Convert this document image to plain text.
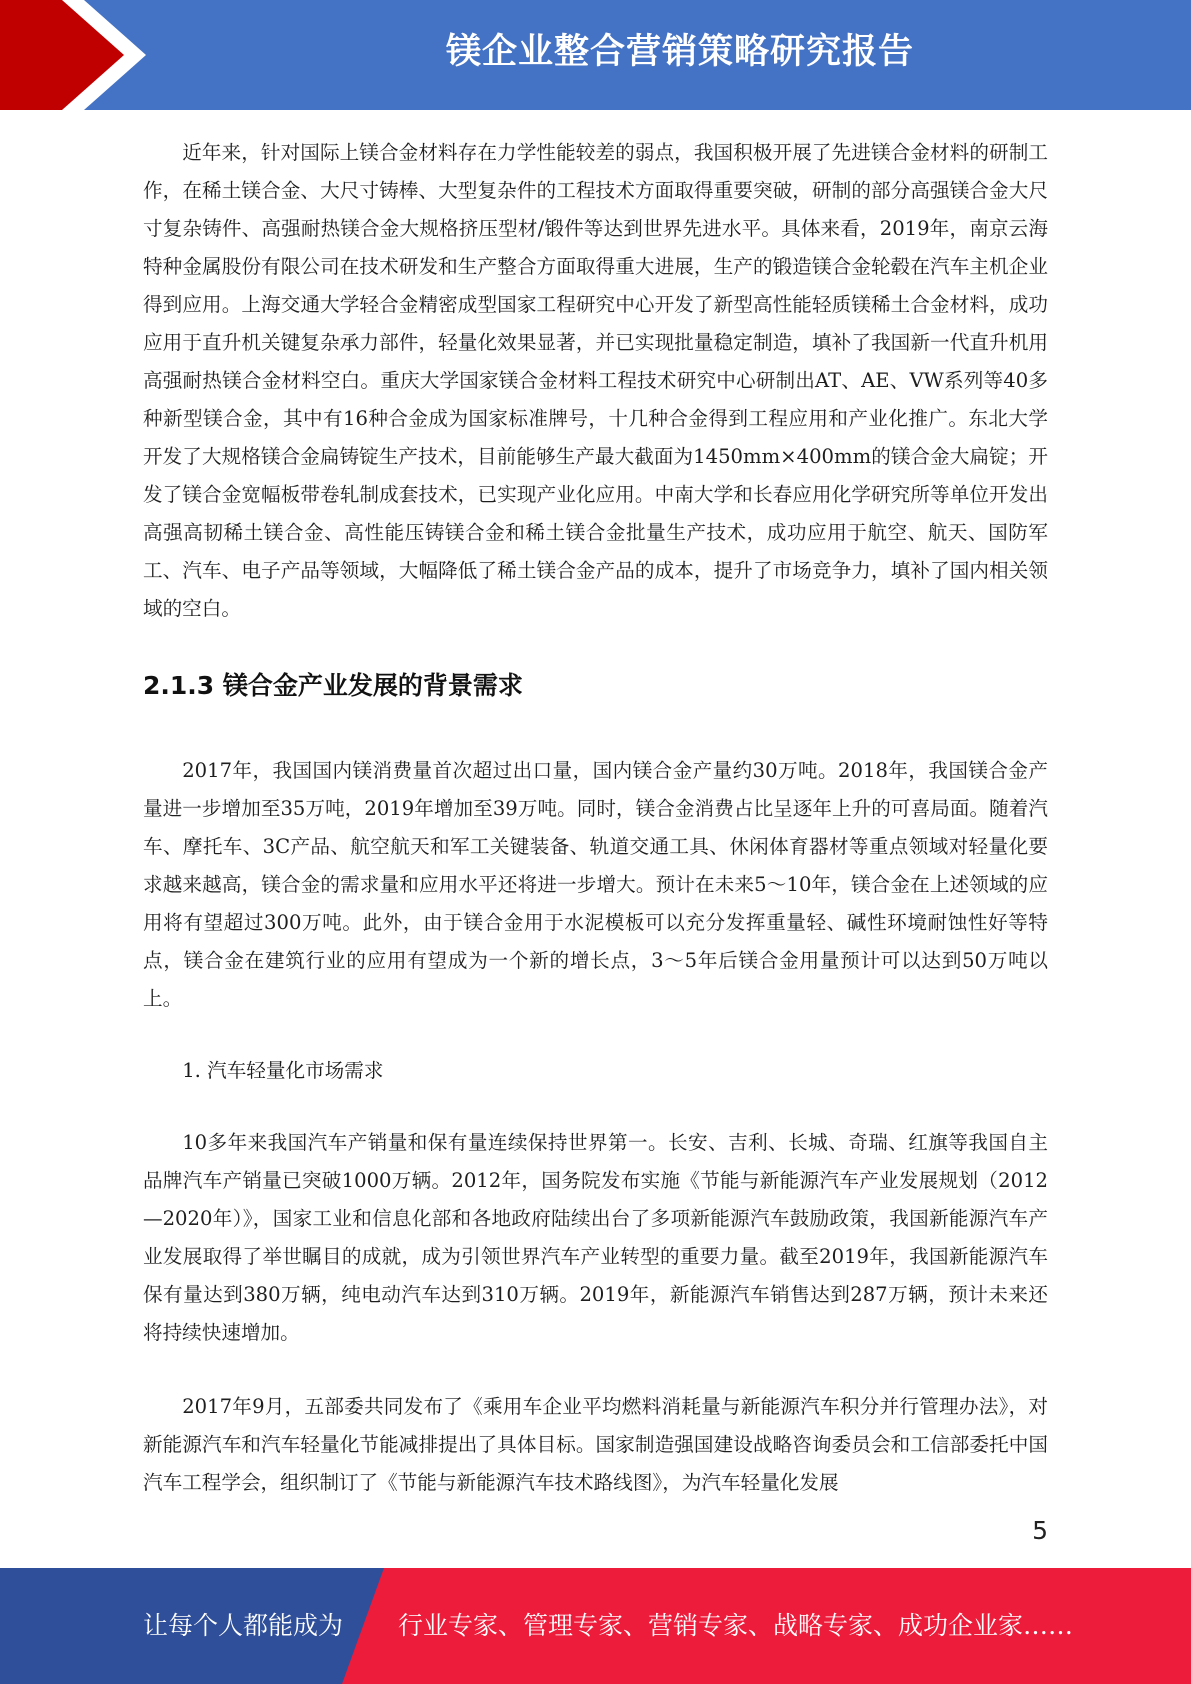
镁企业整合营销策略研究报告

近年来，针对国际上镁合金材料存在力学性能较差的弱点，我国积极开展了先进镁合金材料的研制工作，在稀土镁合金、大尺寸铸棒、大型复杂件的工程技术方面取得重要突破，研制的部分高强镁合金大尺寸复杂铸件、高强耐热镁合金大规格挤压型材/锻件等达到世界先进水平。具体来看，2019年，南京云海特种金属股份有限公司在技术研发和生产整合方面取得重大进展，生产的锻造镁合金轮毂在汽车主机企业得到应用。上海交通大学轻合金精密成型国家工程研究中心开发了新型高性能轻质镁稀土合金材料，成功应用于直升机关键复杂承力部件，轻量化效果显著，并已实现批量稳定制造，填补了我国新一代直升机用高强耐热镁合金材料空白。重庆大学国家镁合金材料工程技术研究中心研制出AT、AE、VW系列等40多种新型镁合金，其中有16种合金成为国家标准牌号，十几种合金得到工程应用和产业化推广。东北大学开发了大规格镁合金扁铸锭生产技术，目前能够生产最大截面为1450mm×400mm的镁合金大扁锭；开发了镁合金宽幅板带卷轧制成套技术，已实现产业化应用。中南大学和长春应用化学研究所等单位开发出高强高韧稀土镁合金、高性能压铸镁合金和稀土镁合金批量生产技术，成功应用于航空、航天、国防军工、汽车、电子产品等领域，大幅降低了稀土镁合金产品的成本，提升了市场竞争力，填补了国内相关领域的空白。

2.1.3 镁合金产业发展的背景需求

2017年，我国国内镁消费量首次超过出口量，国内镁合金产量约30万吨。2018年，我国镁合金产量进一步增加至35万吨，2019年增加至39万吨。同时，镁合金消费占比呈逐年上升的可喜局面。随着汽车、摩托车、3C产品、航空航天和军工关键装备、轨道交通工具、休闲体育器材等重点领域对轻量化要求越来越高，镁合金的需求量和应用水平还将进一步增大。预计在未来5～10年，镁合金在上述领域的应用将有望超过300万吨。此外，由于镁合金用于水泥模板可以充分发挥重量轻、碱性环境耐蚀性好等特点，镁合金在建筑行业的应用有望成为一个新的增长点，3～5年后镁合金用量预计可以达到50万吨以上。

1. 汽车轻量化市场需求

10多年来我国汽车产销量和保有量连续保持世界第一。长安、吉利、长城、奇瑞、红旗等我国自主品牌汽车产销量已突破1000万辆。2012年，国务院发布实施《节能与新能源汽车产业发展规划（2012—2020年）》，国家工业和信息化部和各地政府陆续出台了多项新能源汽车鼓励政策，我国新能源汽车产业发展取得了举世瞩目的成就，成为引领世界汽车产业转型的重要力量。截至2019年，我国新能源汽车保有量达到380万辆，纯电动汽车达到310万辆。2019年，新能源汽车销售达到287万辆，预计未来还将持续快速增加。

2017年9月，五部委共同发布了《乘用车企业平均燃料消耗量与新能源汽车积分并行管理办法》，对新能源汽车和汽车轻量化节能减排提出了具体目标。国家制造强国建设战略咨询委员会和工信部委托中国汽车工程学会，组织制订了《节能与新能源汽车技术路线图》，为汽车轻量化发展

5
让每个人都能成为 行业专家、管理专家、营销专家、战略专家、成功企业家……
